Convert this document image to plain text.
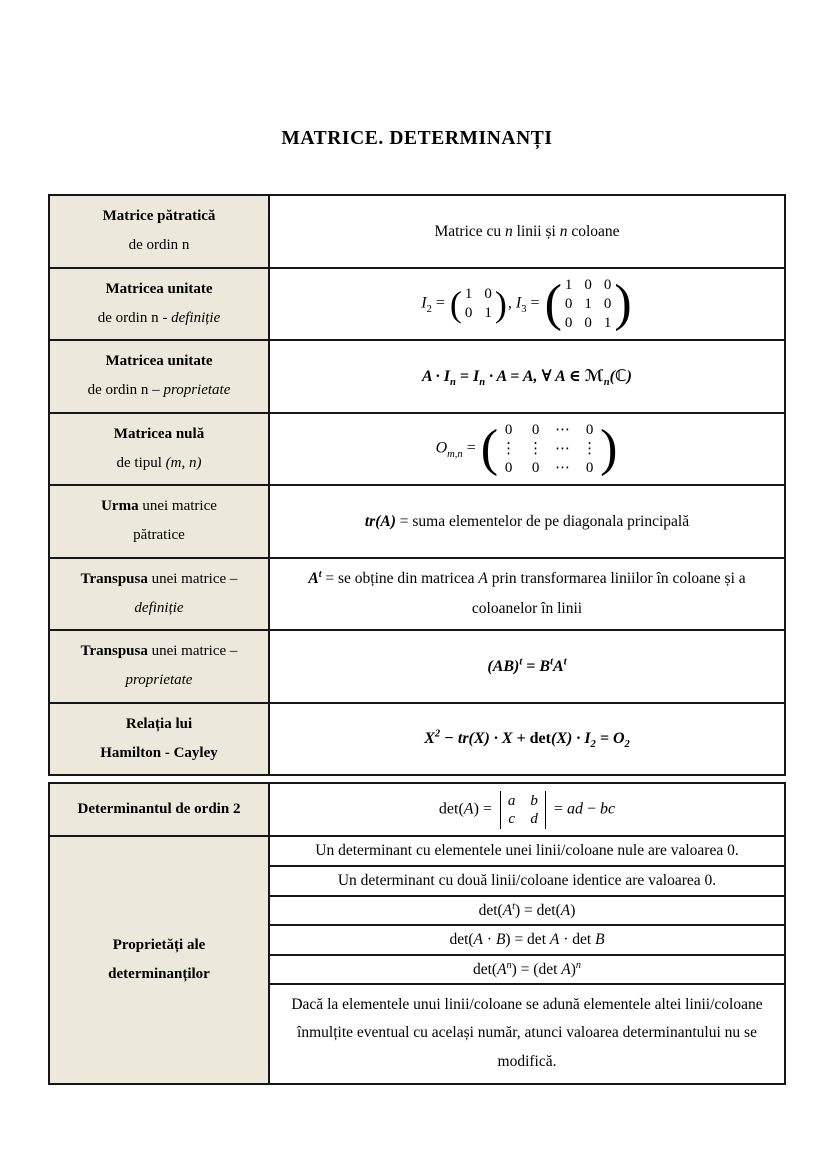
MATRICE. DETERMINANȚI
Matrice pătratică
de ordin n
Matrice cu n linii și n coloane
Matricea unitate
de ordin n - definiție
$I_2$ = ( 1 0
0 1 ) , $I_3$ = ( 1 0 0
0 1 0
0 0 1 )
Matricea unitate
de ordin n – proprietate
$A \cdot I_n = I_n \cdot A = A$, ∀ A ∈ ℳ$_n$(ℂ)
Matricea nulă
de tipul (m, n)
$O_{m,n}$ = ( 0 0 ⋯ 0
⋮ ⋮ ⋯ ⋮
0 0 ⋯ 0 )
Urma unei matrice
pătratice
tr(A) = suma elementelor de pe diagonala principală
Transpusa unei matrice –
definiție
$A^t$ = se obține din matricea A prin transformarea liniilor în coloane și a coloanelor în linii
Transpusa unei matrice –
proprietate
$(AB)^t = B^tA^t$
Relația lui
Hamilton - Cayley
$X^2 - tr(X) \cdot X + \det(X) \cdot I_2 = O_2$
Determinantul de ordin 2	det(A) = a b
c d
= ad − bc
Proprietăți ale
determinanților
Un determinant cu elementele unei linii/coloane nule are valoarea 0.
Un determinant cu două linii/coloane identice are valoarea 0.
$\det(A^t) = \det(A)$
det(A · B) = det A · det B
$\det(A^n) = (\det$ A)$^n$
Dacă la elementele unui linii/coloane se adună elementele altei linii/coloane înmulțite eventual cu același număr, atunci valoarea determinantului nu se modifică.
